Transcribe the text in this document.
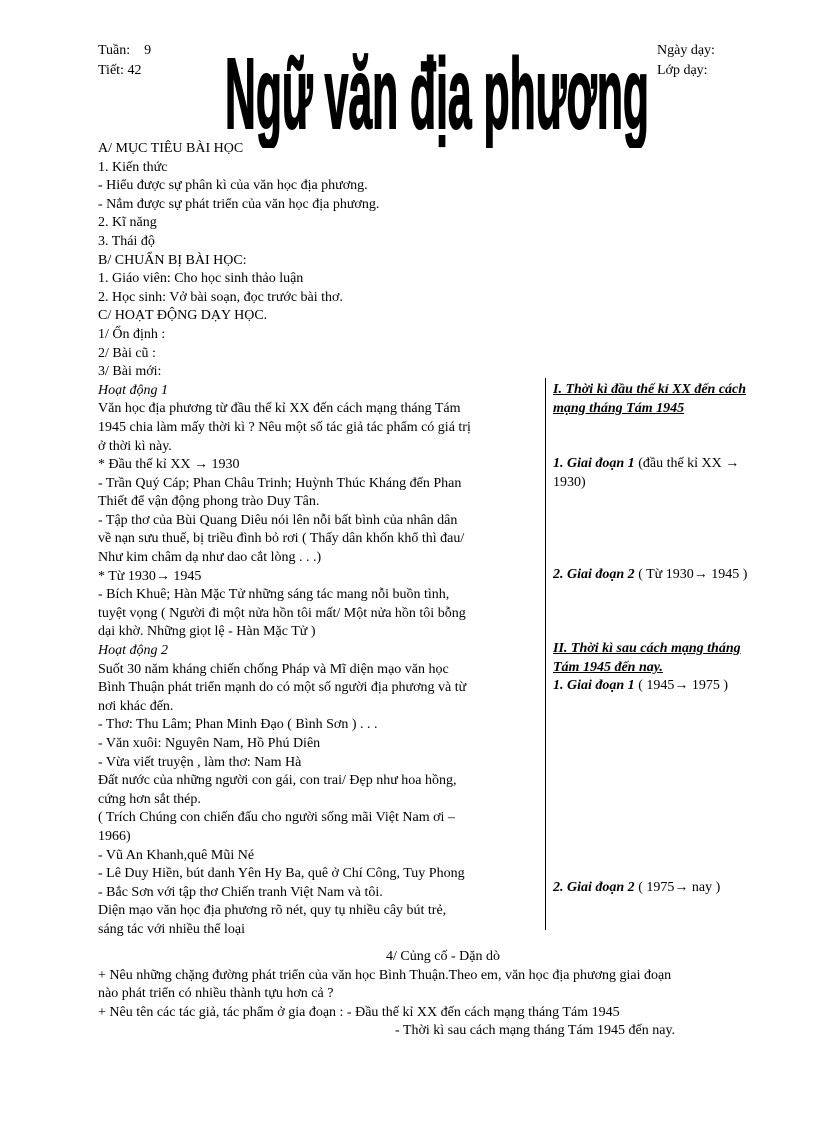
Tuần: 9
Tiết: 42
Ngày dạy:
Lớp dạy:
Ngữ văn địa phương
A/ MỤC TIÊU BÀI HỌC
1. Kiến thức
- Hiểu được sự phân kì của văn học địa phương.
- Nắm được sự phát triển của văn học địa phương.
2. Kĩ năng
3. Thái độ
B/ CHUẨN BỊ BÀI HỌC:
1. Giáo viên: Cho học sinh thảo luận
2. Học sinh: Vở bài soạn, đọc trước bài thơ.
C/ HOẠT ĐỘNG DẠY HỌC.
1/ Ổn định :
2/ Bài cũ :
3/ Bài mới:
Hoạt động 1
Văn học địa phương từ đầu thế kỉ XX đến cách mạng tháng Tám
1945 chia làm mấy thời kì ? Nêu một số tác giả tác phẩm có giá trị
ở thời kì này.
* Đầu thế kỉ XX → 1930
- Trần Quý Cáp; Phan Châu Trinh; Huỳnh Thúc Kháng đến Phan
Thiết để vận động phong trào Duy Tân.
- Tập thơ của Bùi Quang Diêu nói lên nỗi bất bình của nhân dân
về nạn sưu thuế, bị triều đình bỏ rơi ( Thấy dân khốn khổ thì đau/
Như kim châm dạ như dao cắt lòng . . .)
* Từ 1930→ 1945
- Bích Khuê; Hàn Mặc Tử những sáng tác mang nỗi buồn tình,
tuyệt vọng ( Người đi một nửa hồn tôi mất/ Một nửa hồn tôi bỗng
dại khờ. Những giọt lệ - Hàn Mặc Tử )
Hoạt động 2
Suốt 30 năm kháng chiến chống Pháp và Mĩ diện mạo văn học
Bình Thuận phát triển mạnh do có một số người địa phương và từ
nơi khác đến.
- Thơ: Thu Lâm; Phan Minh Đạo ( Bình Sơn ) . . .
- Văn xuôi: Nguyên Nam, Hồ Phú Diên
- Vừa viết truyện , làm thơ: Nam Hà
Đất nước của những người con gái, con trai/ Đẹp như hoa hồng,
cứng hơn sắt thép.
( Trích Chúng con chiến đấu cho người sống mãi Việt Nam ơi –
1966)
- Vũ An Khanh,quê Mũi Né
- Lê Duy Hiền, bút danh Yên Hy Ba, quê ở Chí Công, Tuy Phong
- Bắc Sơn với tập thơ Chiến tranh Việt Nam và tôi.
Diện mạo văn học địa phương rõ nét, quy tụ nhiều cây bút trẻ,
sáng tác với nhiều thể loại
I. Thời kì đầu thế kỉ XX đến cách
mạng tháng Tám 1945
1. Giai đoạn 1 (đầu thế kỉ XX →
1930)
2. Giai đoạn 2 ( Từ 1930→ 1945 )
II. Thời kì sau cách mạng tháng
Tám 1945 đến nay.
1. Giai đoạn 1 ( 1945→ 1975 )
2. Giai đoạn 2 ( 1975→ nay )
4/ Củng cố - Dặn dò
+ Nêu những chặng đường phát triển của văn học Bình Thuận.Theo em, văn học địa phương giai đoạn
nào phát triển có nhiều thành tựu hơn cả ?
+ Nêu tên các tác giả, tác phẩm ở gia đoạn : - Đầu thế kỉ XX đến cách mạng tháng Tám 1945
- Thời kì sau cách mạng tháng Tám 1945 đến nay.
